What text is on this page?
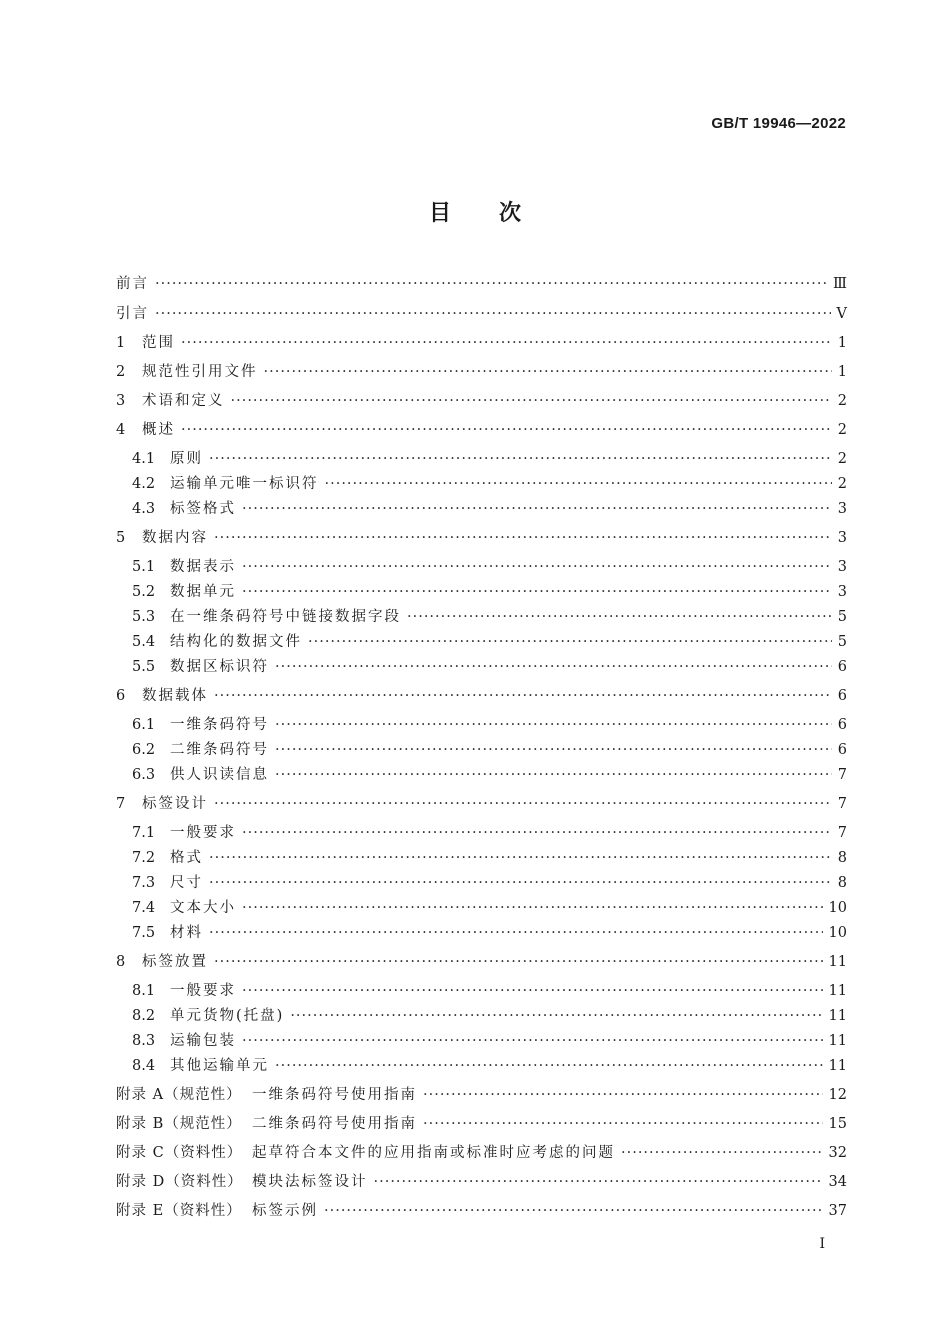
GB/T 19946—2022
目 次
前言 ·····	Ⅲ
引言 ·····	Ⅴ
1 范围 ·····	1
2 规范性引用文件 ·····	1
3 术语和定义 ·····	2
4 概述 ·····	2
4.1 原则 ·····	2
4.2 运输单元唯一标识符 ·····	2
4.3 标签格式 ·····	3
5 数据内容 ·····	3
5.1 数据表示 ·····	3
5.2 数据单元 ·····	3
5.3 在一维条码符号中链接数据字段 ·····	5
5.4 结构化的数据文件 ·····	5
5.5 数据区标识符 ·····	6
6 数据载体 ·····	6
6.1 一维条码符号 ·····	6
6.2 二维条码符号 ·····	6
6.3 供人识读信息 ·····	7
7 标签设计 ·····	7
7.1 一般要求 ·····	7
7.2 格式 ·····	8
7.3 尺寸 ·····	8
7.4 文本大小 ·····	10
7.5 材料 ·····	10
8 标签放置 ·····	11
8.1 一般要求 ·····	11
8.2 单元货物(托盘) ·····	11
8.3 运输包装 ·····	11
8.4 其他运输单元 ·····	11
附录 A（规范性） 一维条码符号使用指南 ·····	12
附录 B（规范性） 二维条码符号使用指南 ·····	15
附录 C（资料性） 起草符合本文件的应用指南或标准时应考虑的问题 ·····	32
附录 D（资料性） 模块法标签设计 ·····	34
附录 E（资料性） 标签示例 ·····	37
I
